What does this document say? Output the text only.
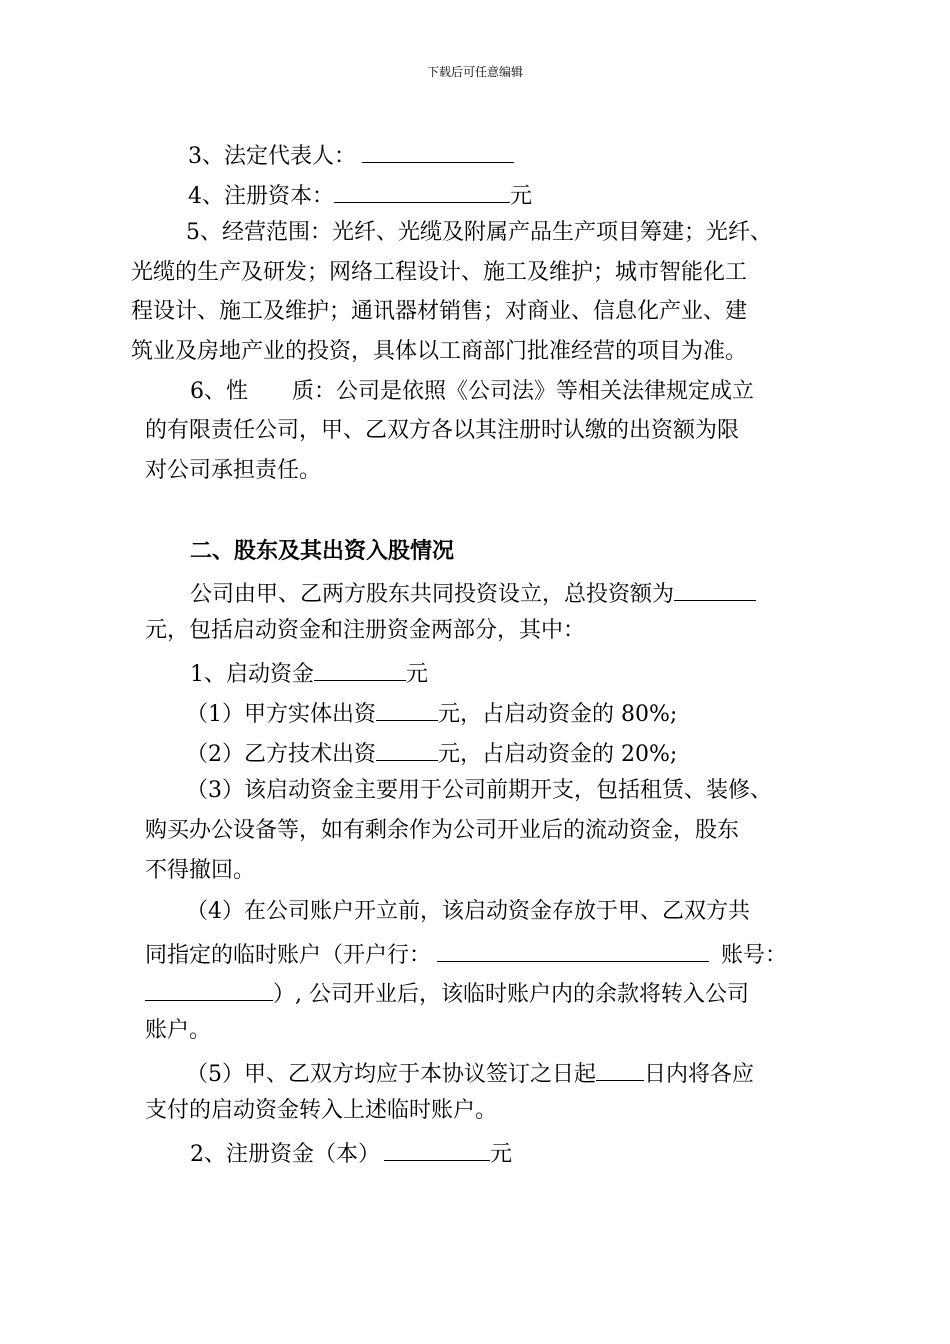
下载后可任意编辑
3、法定代表人：
4、注册资本：	元
5、经营范围：光纤、光缆及附属产品生产项目筹建；光纤、
光缆的生产及研发；网络工程设计、施工及维护；城市智能化工
程设计、施工及维护；通讯器材销售；对商业、信息化产业、建
筑业及房地产业的投资，具体以工商部门批准经营的项目为准。
6、性 质：公司是依照《公司法》等相关法律规定成立
的有限责任公司，甲、乙双方各以其注册时认缴的出资额为限
对公司承担责任。
二、股东及其出资入股情况
公司由甲、乙两方股东共同投资设立，总投资额为
元，包括启动资金和注册资金两部分，其中：
1、启动资金	元
（1）甲方实体出资	元，占启动资金的 80%;
（2）乙方技术出资	元，占启动资金的 20%;
（3）该启动资金主要用于公司前期开支，包括租赁、装修、
购买办公设备等，如有剩余作为公司开业后的流动资金，股东
不得撤回。
（4）在公司账户开立前，该启动资金存放于甲、乙双方共
同指定的临时账户（开户行：	账号：
）, 公司开业后，该临时账户内的余款将转入公司
账户。
（5）甲、乙双方均应于本协议签订之日起 日内将各应
支付的启动资金转入上述临时账户。
2、注册资金（本）	元
